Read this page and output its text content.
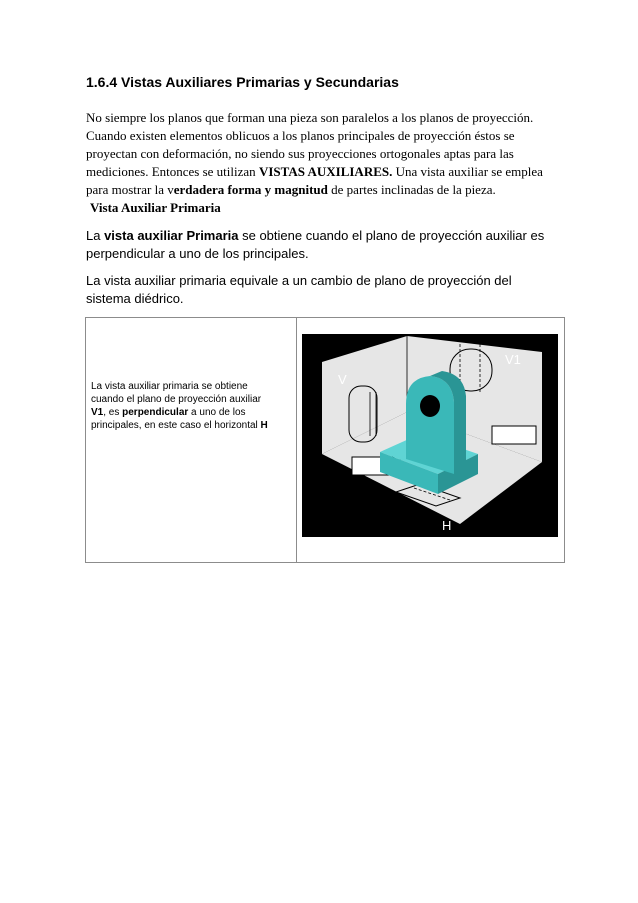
1.6.4 Vistas Auxiliares Primarias y Secundarias
No siempre los planos que forman una pieza son paralelos a los planos de proyección.
Cuando existen elementos oblicuos a los planos principales de proyección éstos se
proyectan con deformación, no siendo sus proyecciones ortogonales aptas para las
mediciones. Entonces se utilizan VISTAS AUXILIARES. Una vista auxiliar se emplea
para mostrar la verdadera forma y magnitud de partes inclinadas de la pieza.
Vista Auxiliar Primaria
La vista auxiliar Primaria se obtiene cuando el plano de proyección auxiliar es
perpendicular a uno de los principales.
La vista auxiliar primaria equivale a un cambio de plano de proyección del
sistema diédrico.
La vista auxiliar primaria se obtiene
cuando el plano de proyección auxiliar
V1, es perpendicular a uno de los
principales, en este caso el horizontal H
V
V1
H
